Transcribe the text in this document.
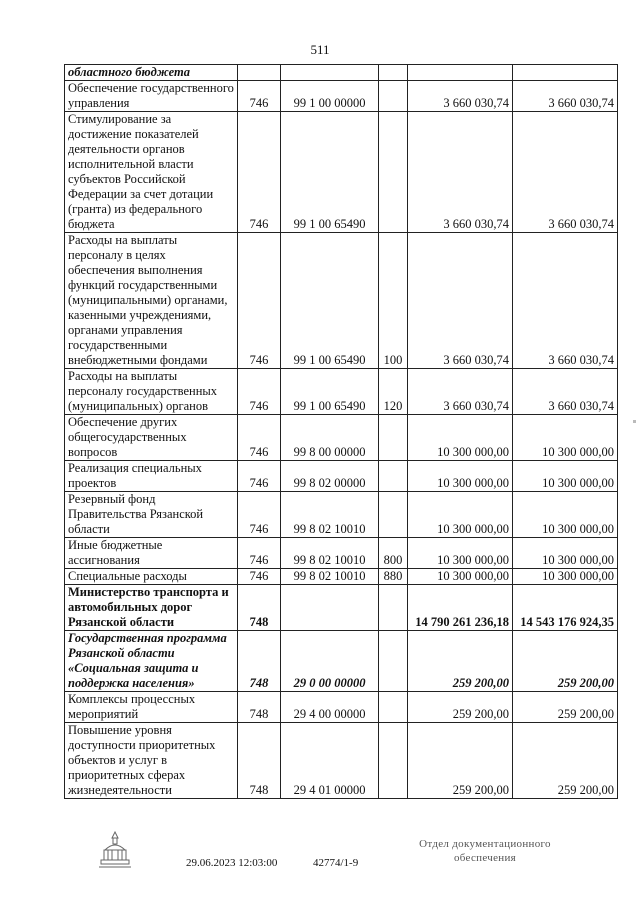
511
областного бюджета					
Обеспечение государственного управления	746	99 1 00 00000		3 660 030,74	3 660 030,74
Стимулирование за достижение показателей деятельности органов исполнительной власти субъектов Российской Федерации за счет дотации (гранта) из федерального бюджета	746	99 1 00 65490		3 660 030,74	3 660 030,74
Расходы на выплаты персоналу в целях обеспечения выполнения функций государственными (муниципальными) органами, казенными учреждениями, органами управления государственными внебюджетными фондами	746	99 1 00 65490	100	3 660 030,74	3 660 030,74
Расходы на выплаты персоналу государственных (муниципальных) органов	746	99 1 00 65490	120	3 660 030,74	3 660 030,74
Обеспечение других общегосударственных вопросов	746	99 8 00 00000		10 300 000,00	10 300 000,00
Реализация специальных проектов	746	99 8 02 00000		10 300 000,00	10 300 000,00
Резервный фонд Правительства Рязанской области	746	99 8 02 10010		10 300 000,00	10 300 000,00
Иные бюджетные ассигнования	746	99 8 02 10010	800	10 300 000,00	10 300 000,00
Специальные расходы	746	99 8 02 10010	880	10 300 000,00	10 300 000,00
Министерство транспорта и автомобильных дорог Рязанской области	748			14 790 261 236,18	14 543 176 924,35
Государственная программа Рязанской области «Социальная защита и поддержка населения»	748	29 0 00 00000		259 200,00	259 200,00
Комплексы процессных мероприятий	748	29 4 00 00000		259 200,00	259 200,00
Повышение уровня доступности приоритетных объектов и услуг в приоритетных сферах жизнедеятельности	748	29 4 01 00000		259 200,00	259 200,00
29.06.2023 12:03:00	42774/1-9
Отдел документационного
обеспечения
